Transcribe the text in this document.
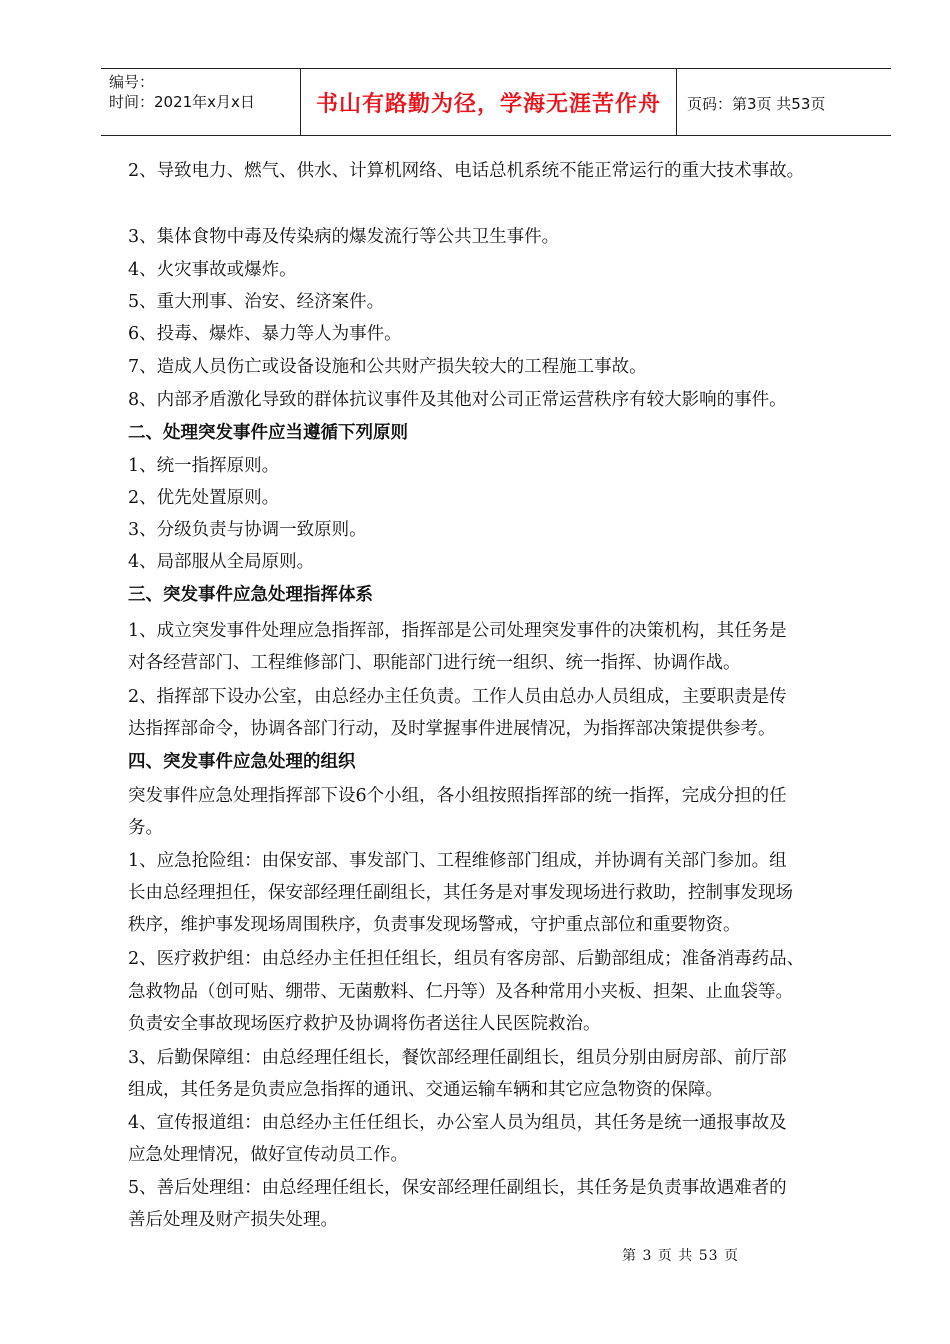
编号：
时间：2021年x月x日	书山有路勤为径，学海无涯苦作舟	页码：第3页 共53页
2、导致电力、燃气、供水、计算机网络、电话总机系统不能正常运行的重大技术事故。
3、集体食物中毒及传染病的爆发流行等公共卫生事件。
4、火灾事故或爆炸。
5、重大刑事、治安、经济案件。
6、投毒、爆炸、暴力等人为事件。
7、造成人员伤亡或设备设施和公共财产损失较大的工程施工事故。
8、内部矛盾激化导致的群体抗议事件及其他对公司正常运营秩序有较大影响的事件。
二、处理突发事件应当遵循下列原则
1、统一指挥原则。
2、优先处置原则。
3、分级负责与协调一致原则。
4、局部服从全局原则。
三、突发事件应急处理指挥体系
1、成立突发事件处理应急指挥部，指挥部是公司处理突发事件的决策机构，其任务是
对各经营部门、工程维修部门、职能部门进行统一组织、统一指挥、协调作战。
2、指挥部下设办公室，由总经办主任负责。工作人员由总办人员组成，主要职责是传
达指挥部命令，协调各部门行动，及时掌握事件进展情况，为指挥部决策提供参考。
四、突发事件应急处理的组织
突发事件应急处理指挥部下设6个小组，各小组按照指挥部的统一指挥，完成分担的任
务。
1、应急抢险组：由保安部、事发部门、工程维修部门组成，并协调有关部门参加。组
长由总经理担任，保安部经理任副组长，其任务是对事发现场进行救助，控制事发现场
秩序，维护事发现场周围秩序，负责事发现场警戒，守护重点部位和重要物资。
2、医疗救护组：由总经办主任担任组长，组员有客房部、后勤部组成；准备消毒药品、
急救物品（创可贴、绷带、无菌敷料、仁丹等）及各种常用小夹板、担架、止血袋等。
负责安全事故现场医疗救护及协调将伤者送往人民医院救治。
3、后勤保障组：由总经理任组长，餐饮部经理任副组长，组员分别由厨房部、前厅部
组成，其任务是负责应急指挥的通讯、交通运输车辆和其它应急物资的保障。
4、宣传报道组：由总经办主任任组长，办公室人员为组员，其任务是统一通报事故及
应急处理情况，做好宣传动员工作。
5、善后处理组：由总经理任组长，保安部经理任副组长，其任务是负责事故遇难者的
善后处理及财产损失处理。
第 3 页 共 53 页
